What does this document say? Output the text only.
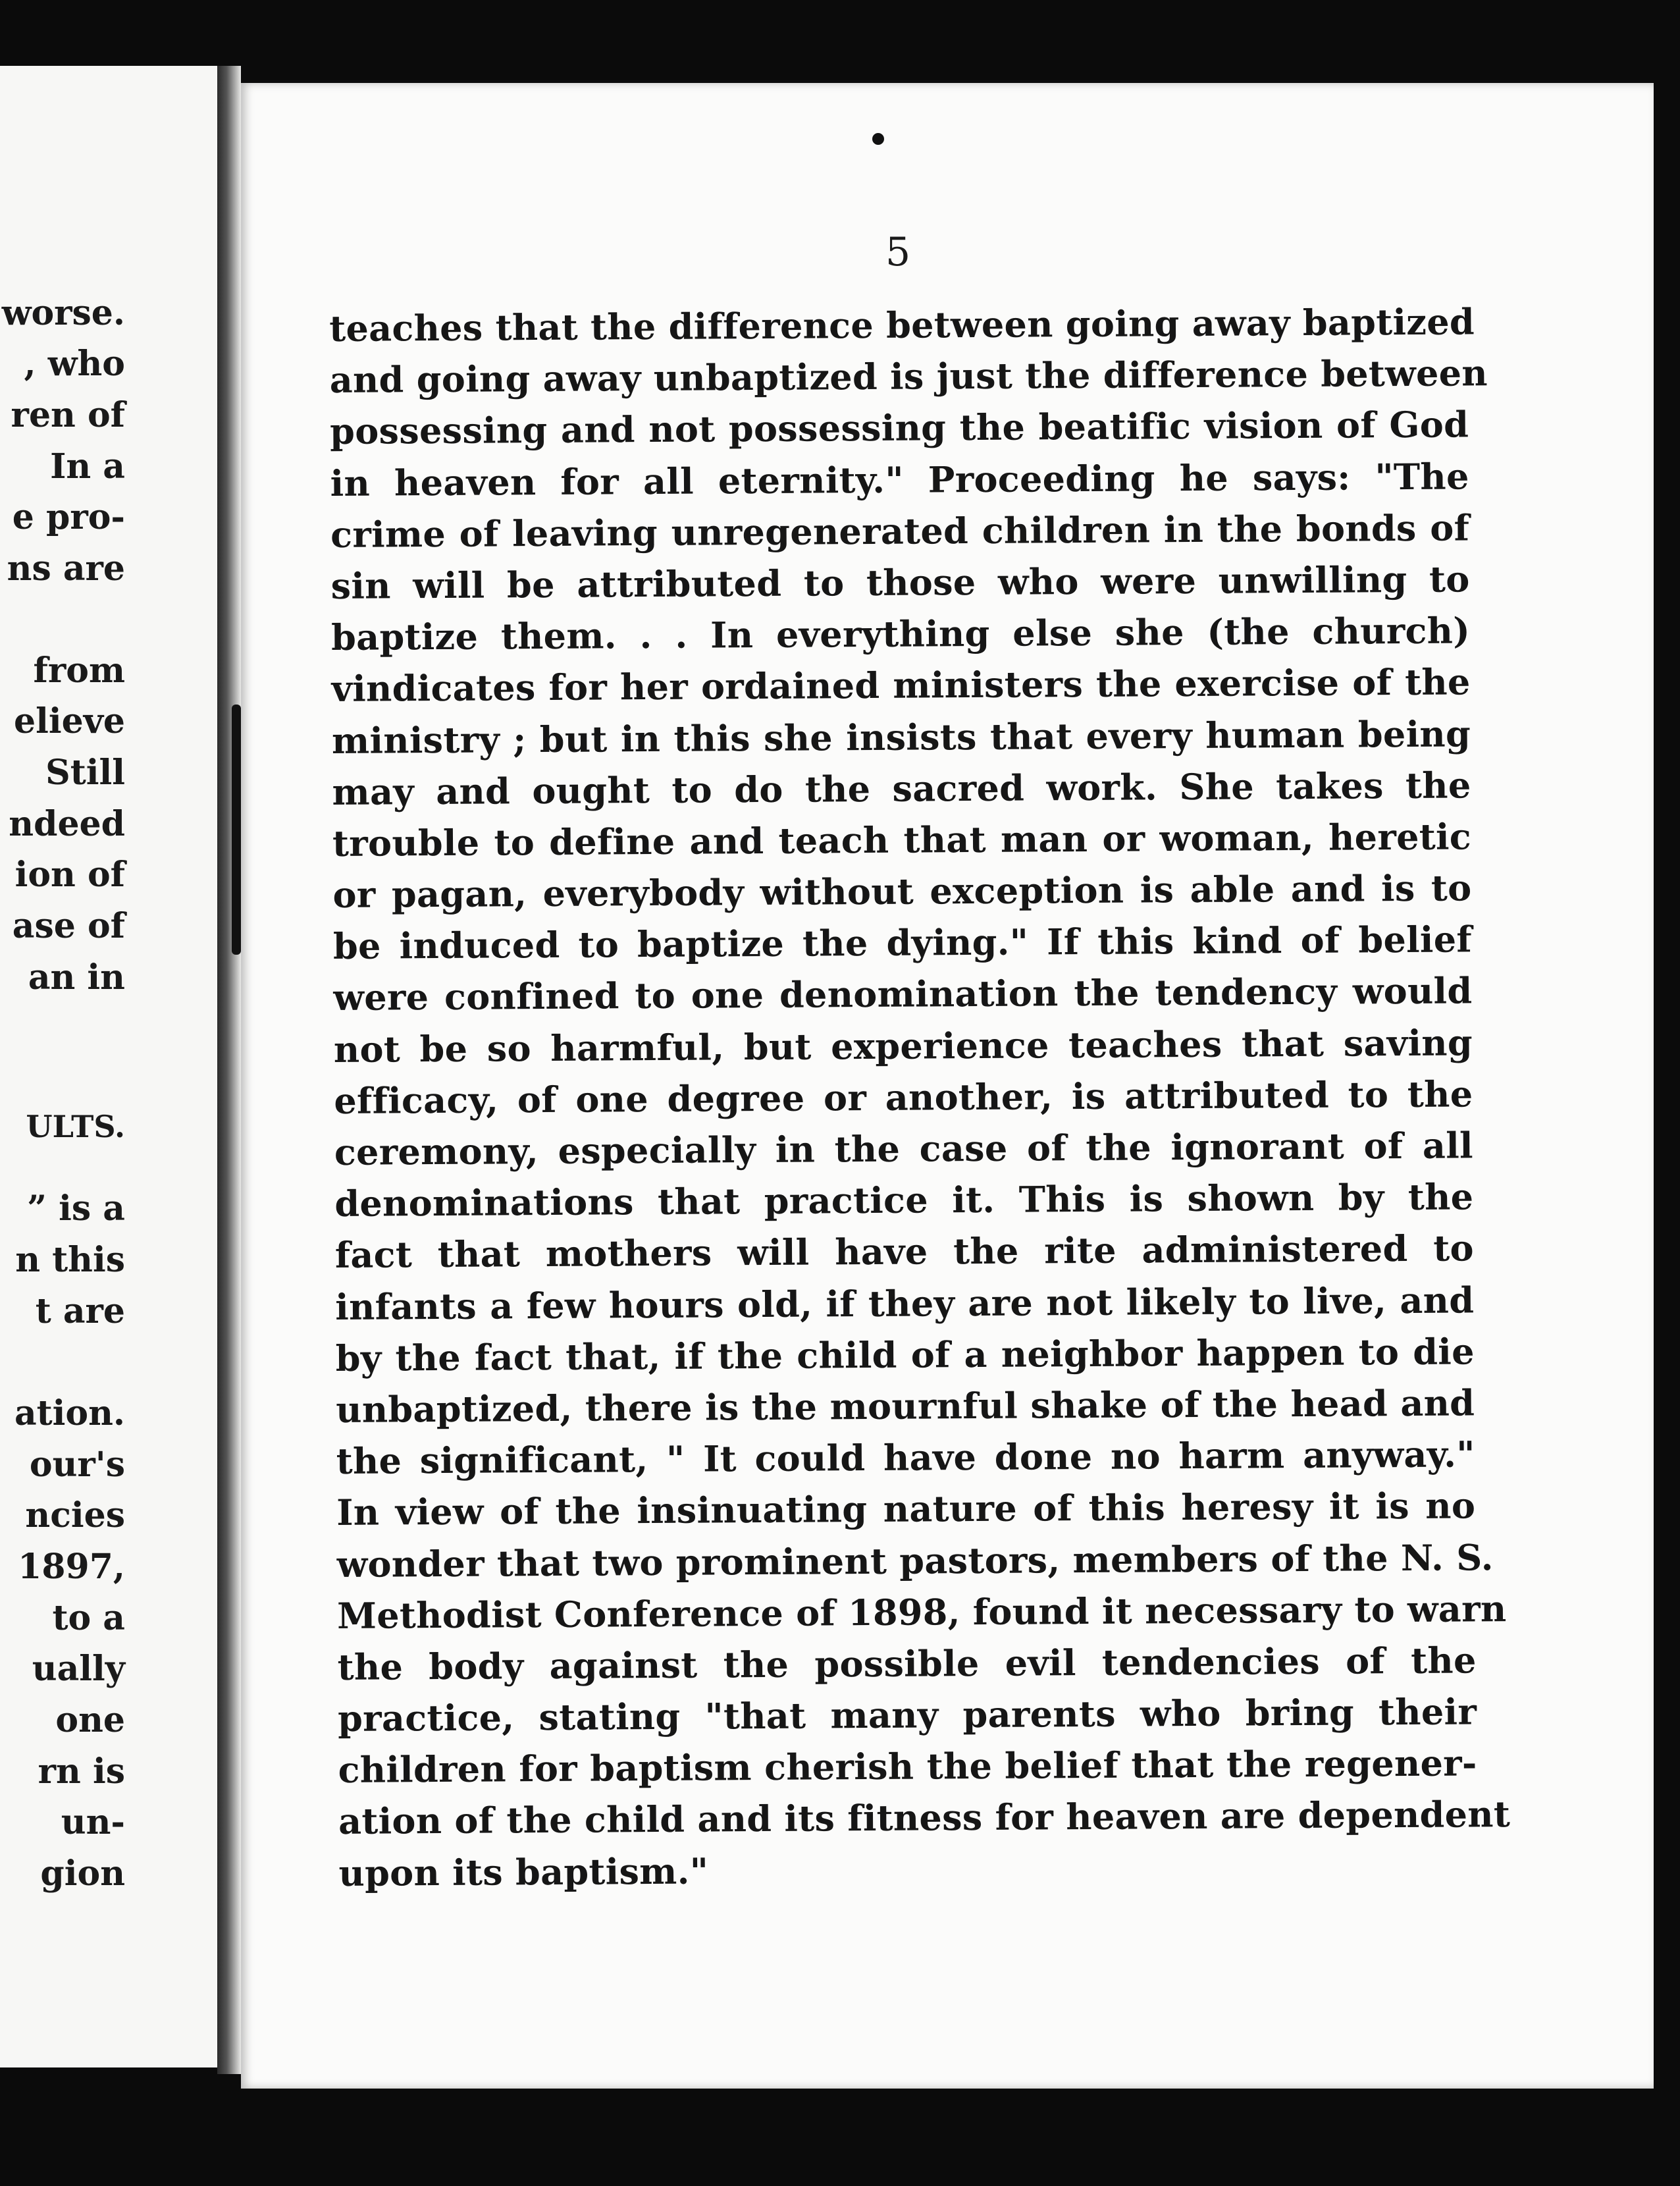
worse.
, who
ren of
In a
e pro-
ns are
from
elieve
Still
ndeed
ion of
ase of
an in
ULTS.
” is a
n this
t are
ation.
our's
ncies
1897,
to a
ually
one
rn is
un-
gion
5
teaches that the difference between going away baptized
and going away unbaptized is just the difference between
possessing and not possessing the beatific vision of God
in heaven for all eternity." Proceeding he says: "The
crime of leaving unregenerated children in the bonds of
sin will be attributed to those who were unwilling to
baptize them. . . In everything else she (the church)
vindicates for her ordained ministers the exercise of the
ministry ; but in this she insists that every human being
may and ought to do the sacred work. She takes the
trouble to define and teach that man or woman, heretic
or pagan, everybody without exception is able and is to
be induced to baptize the dying." If this kind of belief
were confined to one denomination the tendency would
not be so harmful, but experience teaches that saving
efficacy, of one degree or another, is attributed to the
ceremony, especially in the case of the ignorant of all
denominations that practice it. This is shown by the
fact that mothers will have the rite administered to
infants a few hours old, if they are not likely to live, and
by the fact that, if the child of a neighbor happen to die
unbaptized, there is the mournful shake of the head and
the significant, " It could have done no harm anyway."
In view of the insinuating nature of this heresy it is no
wonder that two prominent pastors, members of the N. S.
Methodist Conference of 1898, found it necessary to warn
the body against the possible evil tendencies of the
practice, stating "that many parents who bring their
children for baptism cherish the belief that the regener-
ation of the child and its fitness for heaven are dependent
upon its baptism."
